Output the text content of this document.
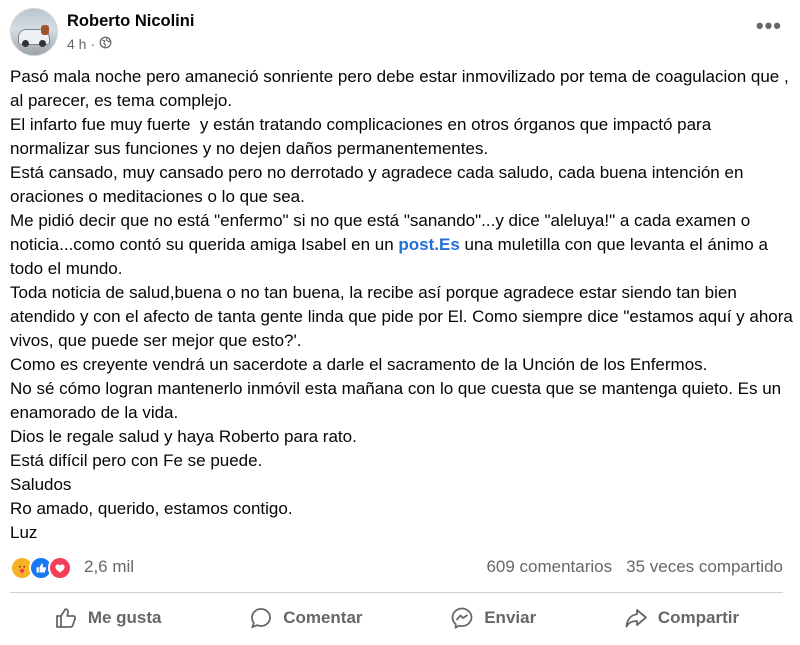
Roberto Nicolini
4 h ·
•••

Pasó mala noche pero amaneció sonriente pero debe estar inmovilizado por tema de coagulacion que , al parecer, es tema complejo.

El infarto fue muy fuerte  y están tratando complicaciones en otros órganos que impactó para normalizar sus funciones y no dejen daños permanentementes.

Está cansado, muy cansado pero no derrotado y agradece cada saludo, cada buena intención en oraciones o meditaciones o lo que sea.

Me pidió decir que no está "enfermo" si no que está "sanando"...y dice "aleluya!" a cada examen o noticia...como contó su querida amiga Isabel en un post.Es una muletilla con que levanta el ánimo a todo el mundo.

Toda noticia de salud,buena o no tan buena, la recibe así porque agradece estar siendo tan bien atendido y con el afecto de tanta gente linda que pide por El. Como siempre dice "estamos aquí y ahora vivos, que puede ser mejor que esto?'.

Como es creyente vendrá un sacerdote a darle el sacramento de la Unción de los Enfermos.

No sé cómo logran mantenerlo inmóvil esta mañana con lo que cuesta que se mantenga quieto. Es un enamorado de la vida.

Dios le regale salud y haya Roberto para rato.

Está difícil pero con Fe se puede.

Saludos

Ro amado, querido, estamos contigo.

Luz

2,6 mil	609 comentarios 35 veces compartido
Me gusta	Comentar	Enviar	Compartir
